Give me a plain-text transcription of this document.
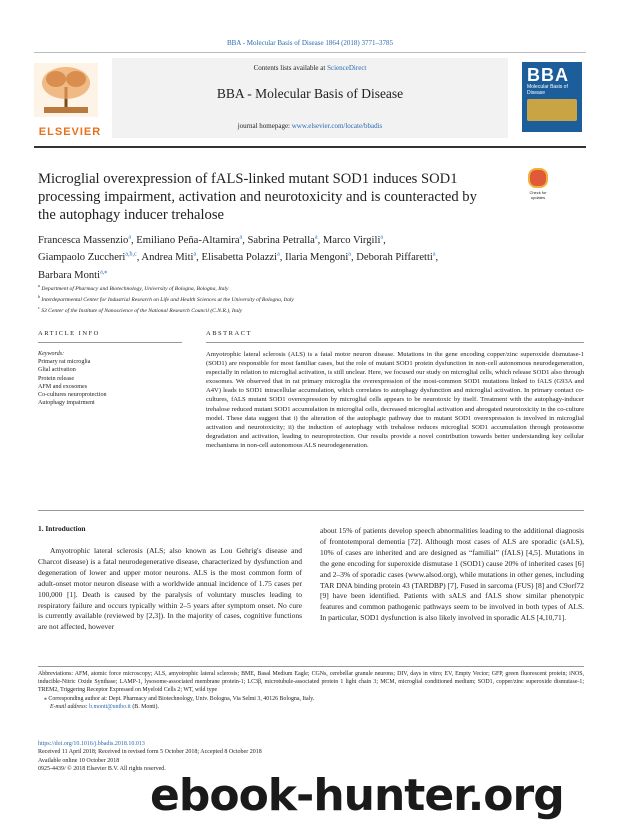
BBA - Molecular Basis of Disease 1864 (2018) 3771–3785
ELSEVIER
Contents lists available at ScienceDirect
BBA - Molecular Basis of Disease
journal homepage: www.elsevier.com/locate/bbadis
BBA
Molecular Basis of Disease
Microglial overexpression of fALS-linked mutant SOD1 induces SOD1 processing impairment, activation and neurotoxicity and is counteracted by the autophagy inducer trehalose
Check for updates
Francesca Massenzio$^a$, Emiliano Peña-Altamira$^a$, Sabrina Petralla$^a$, Marco Virgili$^a$,
Giampaolo Zuccheri$^{a,b,c}$, Andrea Miti$^a$, Elisabetta Polazzi$^a$, Ilaria Mengoni$^a$, Deborah Piffaretti$^a$,
Barbara Monti$^{a,⁎}$
$^a$ Department of Pharmacy and Biotechnology, University of Bologna, Bologna, Italy
$^b$ Interdepartmental Center for Industrial Research on Life and Health Sciences at the University of Bologna, Italy
$^c$ S3 Center of the Institute of Nanoscience of the National Research Council (C.N.R.), Italy
ARTICLE INFO	ABSTRACT
Keywords:
Primary rat microglia
Glial activation
Protein release
AFM and exosomes
Co-cultures neuroprotection
Autophagy impairment
Amyotrophic lateral sclerosis (ALS) is a fatal motor neuron disease. Mutations in the gene encoding copper/zinc superoxide dismutase-1 (SOD1) are responsible for most familiar cases, but the role of mutant SOD1 protein dysfunction in non-cell autonomous neurodegeneration, especially in relation to microglial activation, is still unclear. Here, we focused our study on microglial cells, which release SOD1 also through exosomes. We observed that in rat primary microglia the overexpression of the most-common SOD1 mutations linked to fALS (G93A and A4V) leads to SOD1 intracellular accumulation, which correlates to autophagy dysfunction and microglial activation. In primary contact co-cultures, fALS mutant SOD1 overexpression by microglial cells appears to be neurotoxic by itself. Treatment with the autophagy-inducer trehalose reduced mutant SOD1 accumulation in microglial cells, decreased microglial activation and abrogated neurotoxicity in the co-culture model. These data suggest that i) the alteration of the autophagic pathway due to mutant SOD1 overexpression is involved in microglial activation and neurotoxicity; ii) the induction of autophagy with trehalose reduces microglial SOD1 accumulation through proteasome degradation and activation, leading to neuroprotection. Our results provide a novel contribution towards better understanding key cellular mechanisms in non-cell autonomous ALS neurodegeneration.
1. Introduction

Amyotrophic lateral sclerosis (ALS; also known as Lou Gehrig's disease and Charcot disease) is a fatal neurodegenerative disease, characterized by dysfunction and degeneration of lower and upper motor neurons. ALS is the most common form of adult-onset motor neuron disease with a worldwide annual incidence of 1.75 cases per 100,000 [1]. Death is caused by the paralysis of voluntary muscles leading to respiratory failure and occurs typically within 2–5 years after symptom onset. No cure is currently available (reviewed by [2,3]). In the majority of cases, cognitive functions are not affected, however

about 15% of patients develop speech abnormalities leading to the additional diagnosis of frontotemporal dementia [72]. Although most cases of ALS are sporadic (sALS), 10% of cases are inherited and are designed as “familial” (fALS) [4,5]. Mutations in the gene encoding for superoxide dismutase 1 (SOD1) cause 20% of inherited cases [6] and 2–3% of sporadic cases (www.alsod.org), while mutations in other genes, including TAR DNA binding protein 43 (TARDBP) [7], Fused in sarcoma (FUS) [8] and C9orf72 [9] have been identified. Patients with sALS and fALS show similar phenotypic features and common pathogenic pathways seem to be involved in both types of ALS. In particular, SOD1 dysfunction is also likely involved in sporadic ALS [4,10,71].
Abbreviations: AFM, atomic force microscopy; ALS, amyotrophic lateral sclerosis; BME, Basal Medium Eagle; CGNs, cerebellar granule neurons; DIV, days in vitro; EV, Empty Vector; GFP, green fluorescent protein; iNOS, inducible-Nitric Oxide Synthase; LAMP-1, lysosome-associated membrane protein-1; LC3β, microtubule-associated protein 1 light chain 3; MCM, microglial conditioned medium; SOD1, copper/zinc superoxide dismutase-1; TREM2, Triggering Receptor Expressed on Myeloid Cells 2; WT, wild type
⁎ Corresponding author at: Dept. Pharmacy and Biotechnology, Univ. Bologna, Via Selmi 3, 40126 Bologna, Italy.
E-mail address: b.monti@unibo.it (B. Monti).
https://doi.org/10.1016/j.bbadis.2018.10.013
Received 11 April 2018; Received in revised form 5 October 2018; Accepted 8 October 2018
Available online 10 October 2018
0925-4439/ © 2018 Elsevier B.V. All rights reserved.
ebook-hunter.org
